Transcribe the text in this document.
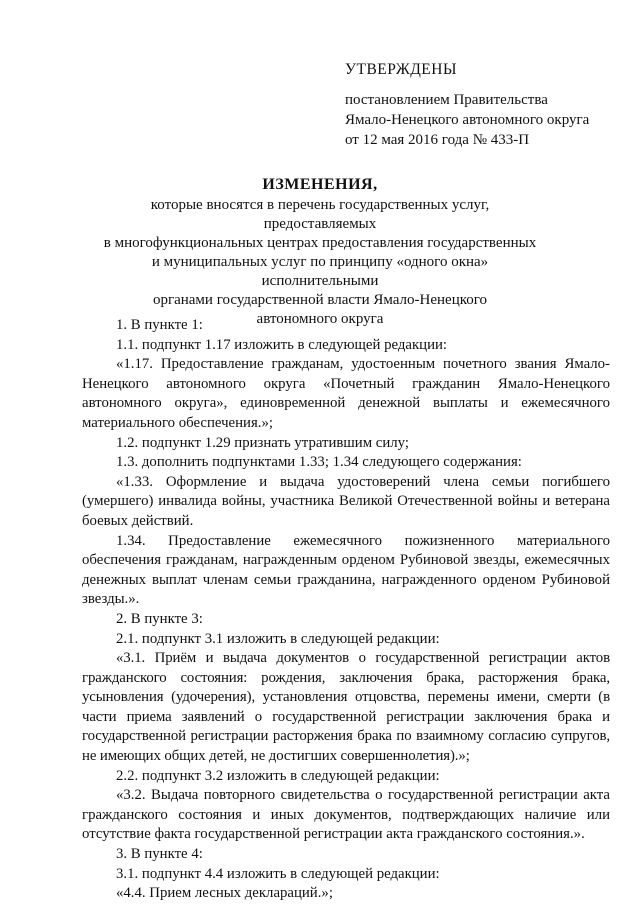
УТВЕРЖДЕНЫ
постановлением Правительства
Ямало-Ненецкого автономного округа
от 12 мая 2016 года № 433-П
ИЗМЕНЕНИЯ,
которые вносятся в перечень государственных услуг, предоставляемых
в многофункциональных центрах предоставления государственных
и муниципальных услуг по принципу «одного окна» исполнительными
органами государственной власти Ямало-Ненецкого
автономного округа

1. В пункте 1:

1.1. подпункт 1.17 изложить в следующей редакции:

«1.17. Предоставление гражданам, удостоенным почетного звания Ямало-Ненецкого автономного округа «Почетный гражданин Ямало-Ненецкого автономного округа», единовременной денежной выплаты и ежемесячного материального обеспечения.»;

1.2. подпункт 1.29 признать утратившим силу;

1.3. дополнить подпунктами 1.33; 1.34 следующего содержания:

«1.33. Оформление и выдача удостоверений члена семьи погибшего (умершего) инвалида войны, участника Великой Отечественной войны и ветерана боевых действий.

1.34. Предоставление ежемесячного пожизненного материального обеспечения гражданам, награжденным орденом Рубиновой звезды, ежемесячных денежных выплат членам семьи гражданина, награжденного орденом Рубиновой звезды.».

2. В пункте 3:

2.1. подпункт 3.1 изложить в следующей редакции:

«3.1. Приём и выдача документов о государственной регистрации актов гражданского состояния: рождения, заключения брака, расторжения брака, усыновления (удочерения), установления отцовства, перемены имени, смерти (в части приема заявлений о государственной регистрации заключения брака и государственной регистрации расторжения брака по взаимному согласию супругов, не имеющих общих детей, не достигших совершеннолетия).»;

2.2. подпункт 3.2 изложить в следующей редакции:

«3.2. Выдача повторного свидетельства о государственной регистрации акта гражданского состояния и иных документов, подтверждающих наличие или отсутствие факта государственной регистрации акта гражданского состояния.».

3. В пункте 4:

3.1. подпункт 4.4 изложить в следующей редакции:

«4.4. Прием лесных деклараций.»;
